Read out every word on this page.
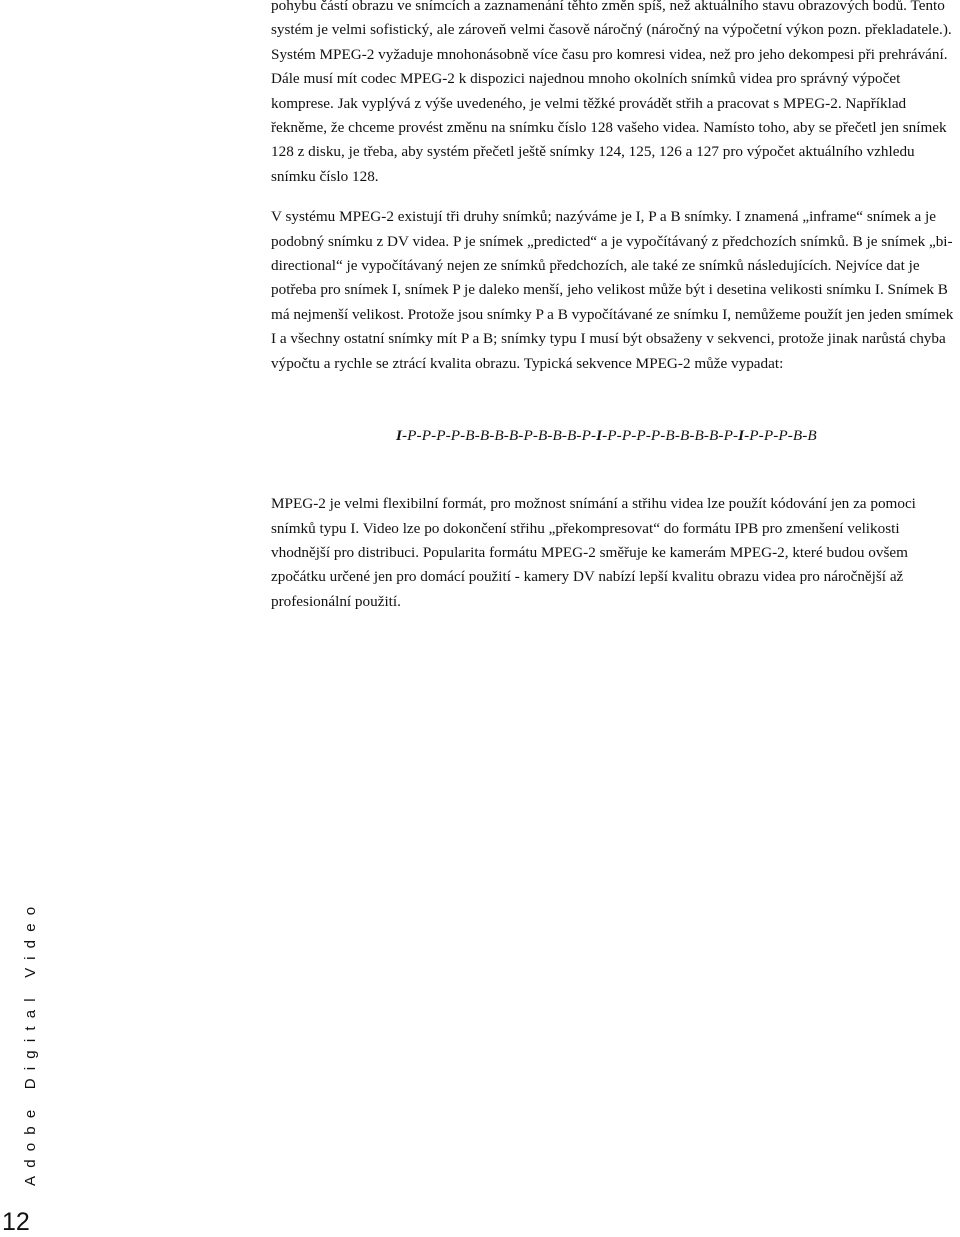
pohybu částí obrazu ve snímcích a zaznamenání těhto změn spíš, než aktuálního stavu obrazových bodů. Tento systém je velmi sofistický, ale zároveň velmi časově náročný (náročný na výpočetní výkon pozn. překladatele.). Systém MPEG-2 vyžaduje mnohonásobně více času pro komresi videa, než pro jeho dekompesi při prehrávání. Dále musí mít codec MPEG-2 k dispozici najednou mnoho okolních snímků videa pro správný výpočet komprese. Jak vyplývá z výše uvedeného, je velmi těžké provádět střih a pracovat s MPEG-2. Například řekněme, že chceme provést změnu na snímku číslo 128 vašeho videa. Namísto toho, aby se přečetl jen snímek 128 z disku, je třeba, aby systém přečetl ještě snímky 124, 125, 126 a 127 pro výpočet aktuálního vzhledu snímku číslo 128.

V systému MPEG-2 existují tři druhy snímků; nazýváme je I, P a B snímky. I znamená „inframe“ snímek a je podobný snímku z DV videa. P je snímek „predicted“ a je vypočítávaný z předchozích snímků. B je snímek „bi-directional“ je vypočítávaný nejen ze snímků předchozích, ale také ze snímků následujících. Nejvíce dat je potřeba pro snímek I, snímek P je daleko menší, jeho velikost může být i desetina velikosti snímku I. Snímek B má nejmenší velikost. Protože jsou snímky P a B vypočítávané ze snímku I, nemůžeme použít jen jeden smímek I a všechny ostatní snímky mít P a B; snímky typu I musí být obsaženy v sekvenci, protože jinak narůstá chyba výpočtu a rychle se ztrácí kvalita obrazu. Typická sekvence MPEG-2 může vypadat:

I-P-P-P-P-B-B-B-B-P-B-B-B-P-I-P-P-P-P-B-B-B-B-P-I-P-P-P-B-B

MPEG-2 je velmi flexibilní formát, pro možnost snímání a střihu videa lze použít kódování jen za pomoci snímků typu I. Video lze po dokončení střihu „překompresovat“ do formátu IPB pro zmenšení velikosti vhodnější pro distribuci. Popularita formátu MPEG-2 směřuje ke kamerám MPEG-2, které budou ovšem zpočátku určené jen pro domácí použití - kamery DV nabízí lepší kvalitu obrazu videa pro náročnější až profesionální použití.

Adobe Digital Video
12
